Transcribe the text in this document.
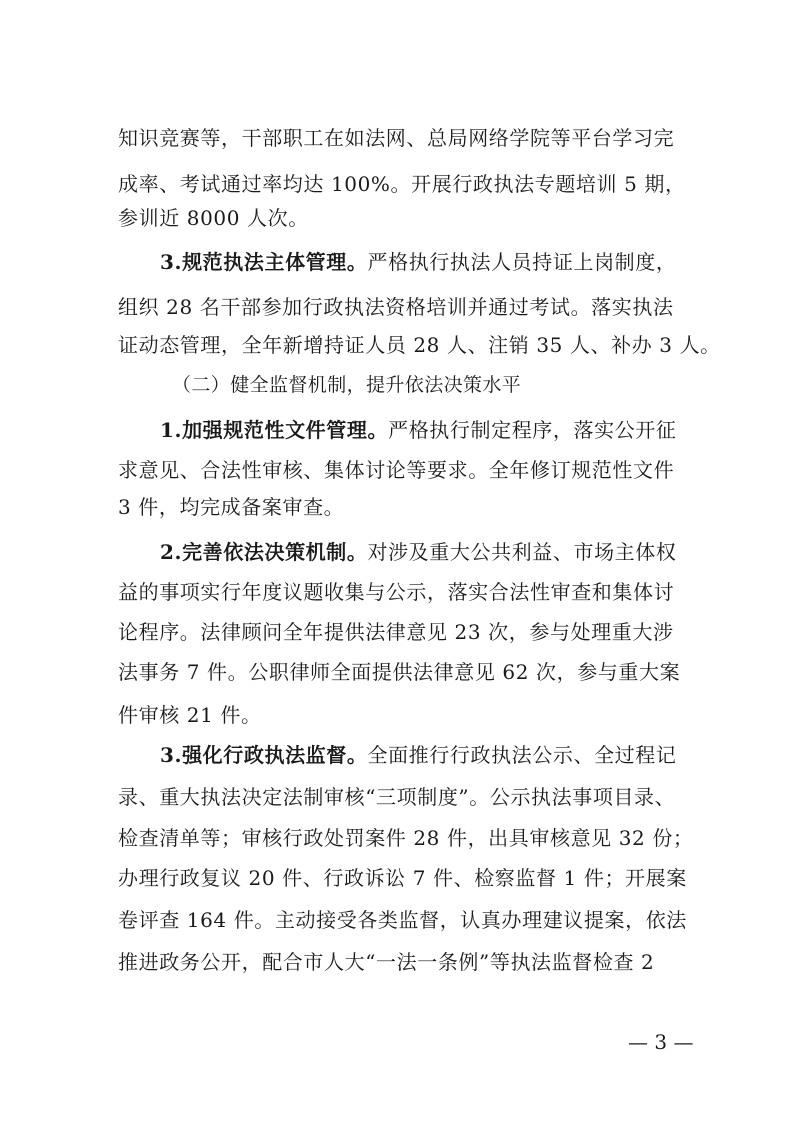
知识竞赛等，干部职工在如法网、总局网络学院等平台学习完
成率、考试通过率均达 100%。开展行政执法专题培训 5 期，
参训近 8000 人次。
3.规范执法主体管理。严格执行执法人员持证上岗制度，
组织 28 名干部参加行政执法资格培训并通过考试。落实执法
证动态管理，全年新增持证人员 28 人、注销 35 人、补办 3 人。
（二）健全监督机制，提升依法决策水平
1.加强规范性文件管理。严格执行制定程序，落实公开征
求意见、合法性审核、集体讨论等要求。全年修订规范性文件
3 件，均完成备案审查。
2.完善依法决策机制。对涉及重大公共利益、市场主体权
益的事项实行年度议题收集与公示，落实合法性审查和集体讨
论程序。法律顾问全年提供法律意见 23 次，参与处理重大涉
法事务 7 件。公职律师全面提供法律意见 62 次，参与重大案
件审核 21 件。
3.强化行政执法监督。全面推行行政执法公示、全过程记
录、重大执法决定法制审核“三项制度”。公示执法事项目录、
检查清单等；审核行政处罚案件 28 件，出具审核意见 32 份；
办理行政复议 20 件、行政诉讼 7 件、检察监督 1 件；开展案
卷评查 164 件。主动接受各类监督，认真办理建议提案，依法
推进政务公开，配合市人大“一法一条例”等执法监督检查 2
— 3 —
